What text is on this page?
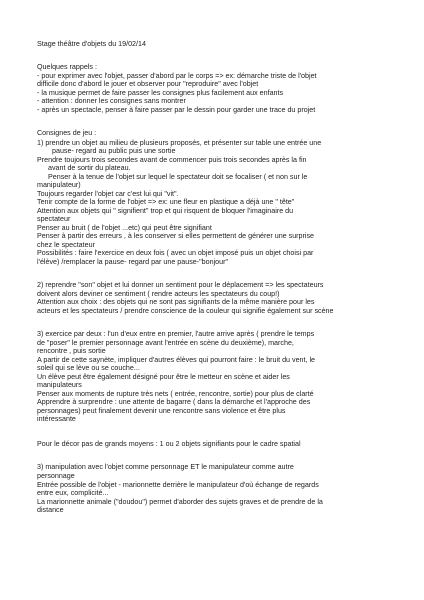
Stage théâtre d'objets du 19/02/14
Quelques rappels :
- pour exprimer avec l'objet, passer d'abord par le corps => ex: démarche triste de l'objet
difficile donc d'abord le jouer et observer pour "reproduire" avec l'objet
- la musique permet de faire passer les consignes plus facilement aux enfants
- attention : donner les consignes sans montrer
- après un spectacle, penser à faire passer par le dessin pour garder une trace du projet
Consignes de jeu :
1) prendre un objet au milieu de plusieurs proposés, et présenter sur table une entrée une
pause- regard au public puis une sortie
Prendre toujours trois secondes avant de commencer puis trois secondes après la fin
avant de sortir du plateau.
Penser à la tenue de l'objet sur lequel le spectateur doit se focaliser ( et non sur le
manipulateur)
Toujours regarder l'objet car c'est lui qui "vit".
Tenir compte de la forme de l'objet => ex: une fleur en plastique a déjà une " tête"
Attention aux objets qui " signifient" trop et qui risquent de bloquer l'imaginaire du
spectateur
Penser au bruit ( de l'objet ...etc) qui peut être signifiant
Penser à partir des erreurs , à les conserver si elles permettent de générer une surprise
chez le spectateur
Possibilités : faire l'exercice en deux fois ( avec un objet imposé puis un objet choisi par
l'élève) /remplacer la pause- regard par une pause-"bonjour"
2) reprendre "son" objet et lui donner un sentiment pour le déplacement => les spectateurs
doivent alors deviner ce sentiment ( rendre acteurs les spectateurs du coup!)
Attention aux choix : des objets qui ne sont pas signifiants de la même manière pour les
acteurs et les spectateurs / prendre conscience de la couleur qui signifie également sur scène
3) exercice par deux : l'un d'eux entre en premier, l'autre arrive après ( prendre le temps
de "poser" le premier personnage avant l'entrée en scène du deuxième), marche,
rencontre , puis sortie
A partir de cette saynète, impliquer d'autres élèves qui pourront faire : le bruit du vent, le
soleil qui se lève ou se couche...
Un élève peut être également désigné pour être le metteur en scène et aider les
manipulateurs
Penser aux moments de rupture très nets ( entrée, rencontre, sortie) pour plus de clarté
Apprendre à surprendre : une attente de bagarre ( dans la démarche et l'approche des
personnages) peut finalement devenir une rencontre sans violence et être plus
intéressante
Pour le décor pas de grands moyens : 1 ou 2 objets signifiants pour le cadre spatial
3) manipulation avec l'objet comme personnage ET le manipulateur comme autre
personnage
Entrée possible de l'objet - marionnette derrière le manipulateur d'où échange de regards
entre eux, complicité...
La marionnette animale ("doudou") permet d'aborder des sujets graves et de prendre de la
distance
